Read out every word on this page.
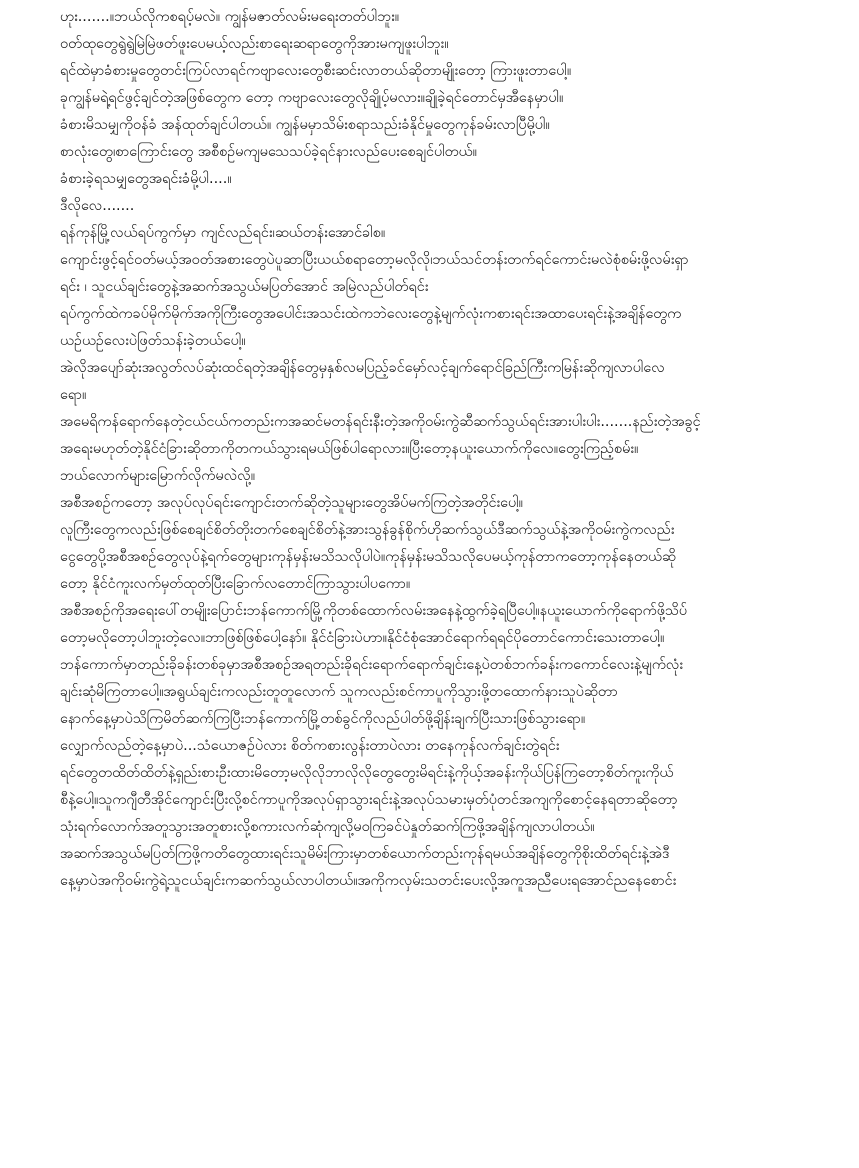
ဟုး.......။ဘယ်လိုကစရပ့်မလဲ။ ကျွန်မဇာတ်လမ်းမရေးတတ်ပါဘူး။
ဝတ်ထုတွေရွဲရွဲမြဲမြဲဖတ်ဖူးပေမယ့်လည်းစာရေးဆရာတွေကိုအားမကျဖူးပါဘူး။
ရင်ထဲမှာခံစားမှုတွေတင်းကြပ်လာရင်ကဗျာလေးတွေစီးဆင်းလာတယ်ဆိုတာမျိုးတော့ ကြားဖူးတာပေါ့။
ခုကျွန်မရဲ့ရင်ဖွင့်ချင်တဲ့အဖြစ်တွေက တော့ ကဗျာလေးတွေလိုချိုပ့်မလား။ချိုခဲ့ရင်တောင်မှအီနေမှာပါ။
ခံစားမိသမျှကိုဝန်ခံ အန်ထုတ်ချင်ပါတယ်။ ကျွန်မမှာသိမ်းစရာသည်းခံနိုင်မှုတွေကုန်ခမ်းလာပြီမို့ပါ။
စာလုံးတွေ၊စာကြောင်းတွေ အစီစဉ်မကျမသေသပ်ခဲ့ရင်နားလည်ပေးစေချင်ပါတယ်။
ခံစားခဲ့ရသမျှတွေအရင်းခံမို့ပါ....။
ဒီလိုလေ.......
ရန်ကုန်မြို့လယ်ရပ်ကွက်မှာ ကျင်လည်ရင်း၊ဆယ်တန်းအောင်ခါစ။
ကျောင်းဖွင့်ရင်ဝတ်မယ့်အဝတ်အစားတွေပဲပူဆာပြီးယယ်စရာတော့မလိုလို၊ဘယ်သင်တန်းတက်ရင်ကောင်းမလဲစုံစမ်းဖို့လမ်းရှာ
ရင်း ၊ သူငယ်ချင်းတွေနဲ့အဆက်အသွယ်မပြတ်အောင် အမြဲလည်ပါတ်ရင်း
ရပ်ကွက်ထဲကခပ်မိုက်မိုက်အကိုကြီးတွေအပေါင်းအသင်းထဲကဘဲလေးတွေနဲ့မျက်လုံးကစားရင်းအထာပေးရင်းနဲ့အချိန်တွေက
ယဉ်ယဉ်လေးပဲဖြတ်သန်းခဲ့တယ်ပေါ့။
အဲလိုအပျော်ဆုံးအလွတ်လပ်ဆုံးထင်ရတဲ့အချိန်တွေမှနှစ်လမပြည့်ခင်မှော်လင့်ချက်ရောင်ခြည်ကြီးကမြန်းဆိုကျလာပါလေ
ရော။
အမေရိကန်ရောက်နေတဲ့ငယ်ငယ်ကတည်းကအဆင်မတန်ရင်းနီးတဲ့အကိုဝမ်းကွဲဆီဆက်သွယ်ရင်းအားပါးပါး.......နည်းတဲ့အခွင့်
အရေးမဟုတ်တဲ့နိုင်ငံခြားဆိုတာကိုတကယ်သွားရမယ်ဖြစ်ပါရောလား။ပြီးတော့နယူးယောက်ကိုလေ။တွေးကြည့်စမ်း။
ဘယ်လောက်များမြောက်လိုက်မလဲလို့။
အစီအစဉ်ကတော့ အလုပ်လုပ်ရင်းကျောင်းတက်ဆိုတဲ့သူများတွေအိပ်မက်ကြတဲ့အတိုင်းပေါ့။
လူကြီးတွေကလည်းဖြစ်စေချင်စိတ်တိုးတက်စေချင်စိတ်နဲ့အားသွန်ခွန်စိုက်ဟိုဆက်သွယ်ဒီဆက်သွယ်နဲ့အကိုဝမ်းကွဲကလည်း
ငွေတွေပို့အစီအစဉ်တွေလုပ်နဲ့ရက်တွေများကုန်မှန်းမသိသလိုပါပဲ။ကုန်မှန်းမသိသလိုပေမယ့်ကုန်တာကတော့ကုန်နေတယ်ဆို
တော့ နိုင်ငံကူးလက်မှတ်ထုတ်ပြီးခြောက်လတောင်ကြာသွားပါပကော။
အစီအစဉ်ကိုအရေးပေါ်တမျိုးပြောင်းဘန်ကောက်မြို့ကိုတစ်ထောက်လမ်းအနေနဲ့ထွက်ခဲ့ရပြီပေါ့။နယူးယောက်ကိုရောက်ဖို့သိပ်
တော့မလိုတော့ပါဘူးတဲ့လေ။ဘာဖြစ်ဖြစ်ပေါ့နော်။ နိုင်ငံခြားပဲဟာ။နိုင်ငံစုံအောင်ရောက်ရရင်ပိုတောင်ကောင်းသေးတာပေါ့။
ဘန်ကောက်မှာတည်းခိုခန်းတစ်ခုမှာအစီအစဉ်အရတည်းခိုရင်းရောက်ရောက်ချင်းနေ့ပဲတစ်ဘက်ခန်းကကောင်လေးနဲ့မျက်လုံး
ချင်းဆုံမိကြတာပေါ့။အရွယ်ချင်းကလည်းတူတူလောက် သူကလည်းစင်ကာပူကိုသွားဖို့တထောက်နားသူပဲဆိုတာ
နောက်နေ့မှာပဲသိကြမိတ်ဆက်ကြပြီးဘန်ကောက်မြို့တစ်ခွင်ကိုလည်ပါတ်ဖို့ချိန်းချက်ပြီးသားဖြစ်သွားရော။
လျှောက်လည်တဲ့နေ့မှာပဲ...သံယောဇဉ်ပဲလား စိတ်ကစားလွန်းတာပဲလား တနေကုန်လက်ချင်းတွဲရင်း
ရင်တွေတထိတ်ထိတ်နဲ့ရှည်းစားဦးထားမိတော့မလိုလိုဘာလိုလိုတွေတွေးမိရင်းနဲ့ကိုယ့်အခန်းကိုယ်ပြန်ကြတော့စိတ်ကူးကိုယ်
စီနဲ့ပေါ့။သူကဂျီတီအိုင်ကျောင်းပြီးလို့စင်ကာပူကိုအလုပ်ရှာသွားရင်းနဲ့အလုပ်သမားမှတ်ပုံတင်အကျကိုစောင့်နေရတာဆိုတော့
သုံးရက်လောက်အတူသွားအတူစားလို့စကားလက်ဆုံကျလို့မဝကြခင်ပဲနှုတ်ဆက်ကြဖို့အချိန်ကျလာပါတယ်။
အဆက်အသွယ်မပြတ်ကြဖို့ကတိတွေထားရင်းသူမိမ်းကြားမှာတစ်ယောက်တည်းကုန်ရမယ်အချိန်တွေကိုစိုးထိတ်ရင်းနဲ့အဲဒီ
နေ့မှာပဲအကိုဝမ်းကွဲရဲ့သူငယ်ချင်းကဆက်သွယ်လာပါတယ်။အကိုကလှမ်းသတင်းပေးလို့အကူအညီပေးရအောင်ညနေစောင်း
